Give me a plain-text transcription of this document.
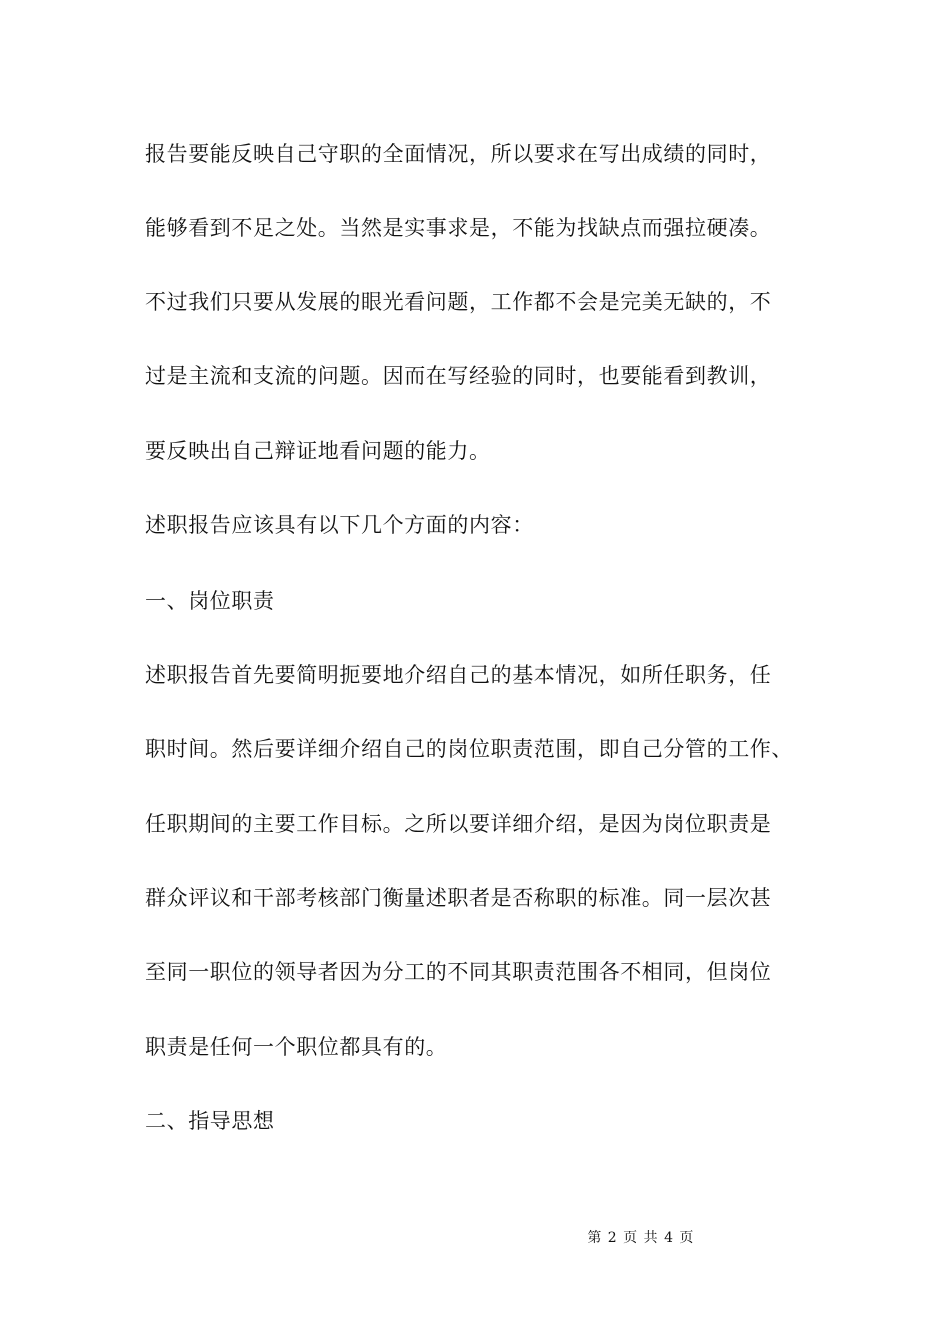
报告要能反映自己守职的全面情况，所以要求在写出成绩的同时，
能够看到不足之处。当然是实事求是，不能为找缺点而强拉硬凑。
不过我们只要从发展的眼光看问题，工作都不会是完美无缺的，不
过是主流和支流的问题。因而在写经验的同时，也要能看到教训，
要反映出自己辩证地看问题的能力。
述职报告应该具有以下几个方面的内容：
一、岗位职责
述职报告首先要简明扼要地介绍自己的基本情况，如所任职务，任
职时间。然后要详细介绍自己的岗位职责范围，即自己分管的工作、
任职期间的主要工作目标。之所以要详细介绍，是因为岗位职责是
群众评议和干部考核部门衡量述职者是否称职的标准。同一层次甚
至同一职位的领导者因为分工的不同其职责范围各不相同，但岗位
职责是任何一个职位都具有的。
二、指导思想

第 2 页 共 4 页
